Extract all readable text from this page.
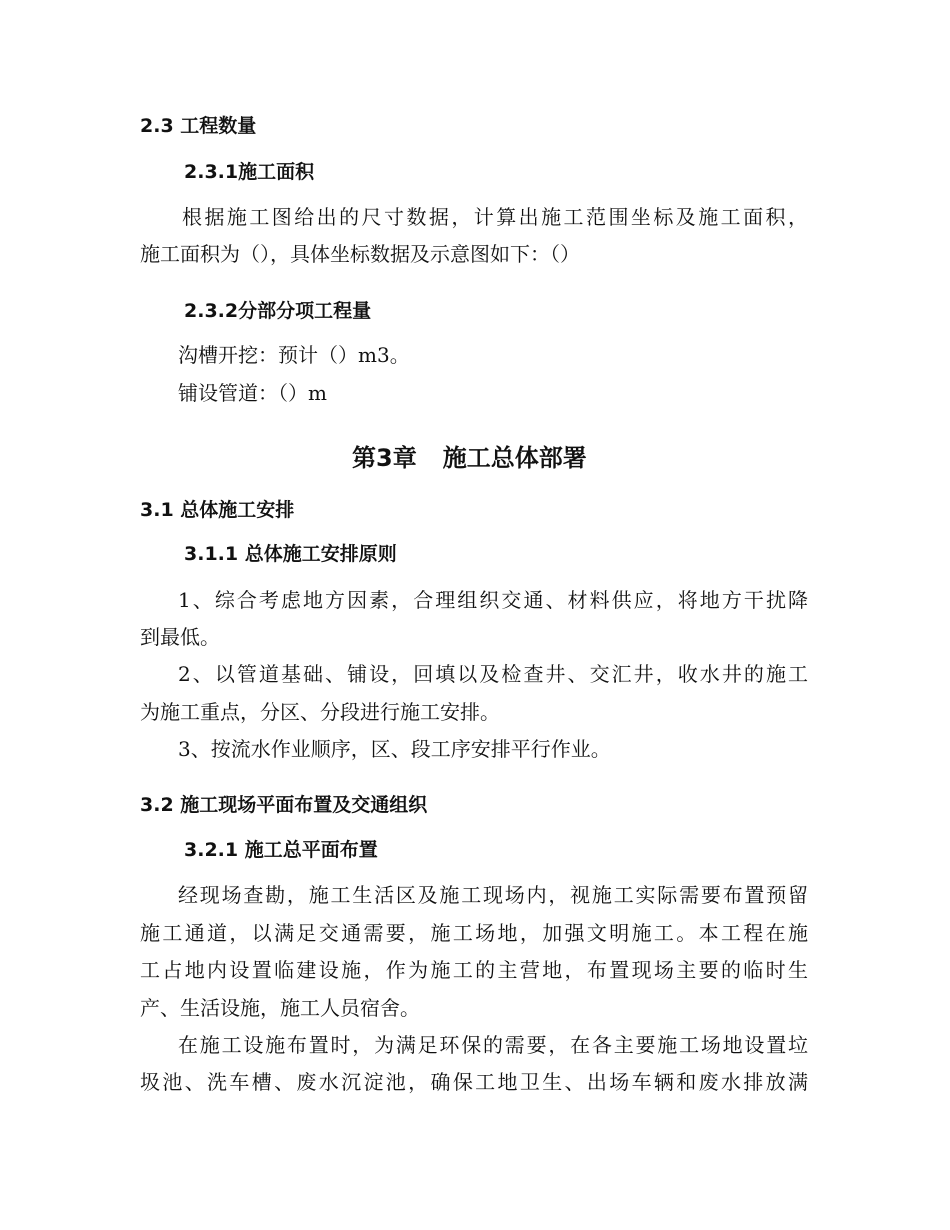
2.3 工程数量
2.3.1施工面积
根据施工图给出的尺寸数据，计算出施工范围坐标及施工面积，
施工面积为（），具体坐标数据及示意图如下：（）
2.3.2分部分项工程量
沟槽开挖：预计（）m3。
铺设管道：（）m
第3章 施工总体部署
3.1 总体施工安排
3.1.1 总体施工安排原则
1、综合考虑地方因素，合理组织交通、材料供应，将地方干扰降
到最低。
2、以管道基础、铺设，回填以及检查井、交汇井，收水井的施工
为施工重点，分区、分段进行施工安排。
3、按流水作业顺序，区、段工序安排平行作业。
3.2 施工现场平面布置及交通组织
3.2.1 施工总平面布置
经现场查勘，施工生活区及施工现场内，视施工实际需要布置预留
施工通道，以满足交通需要，施工场地，加强文明施工。本工程在施
工占地内设置临建设施，作为施工的主营地，布置现场主要的临时生
产、生活设施，施工人员宿舍。
在施工设施布置时，为满足环保的需要，在各主要施工场地设置垃
圾池、洗车槽、废水沉淀池，确保工地卫生、出场车辆和废水排放满
